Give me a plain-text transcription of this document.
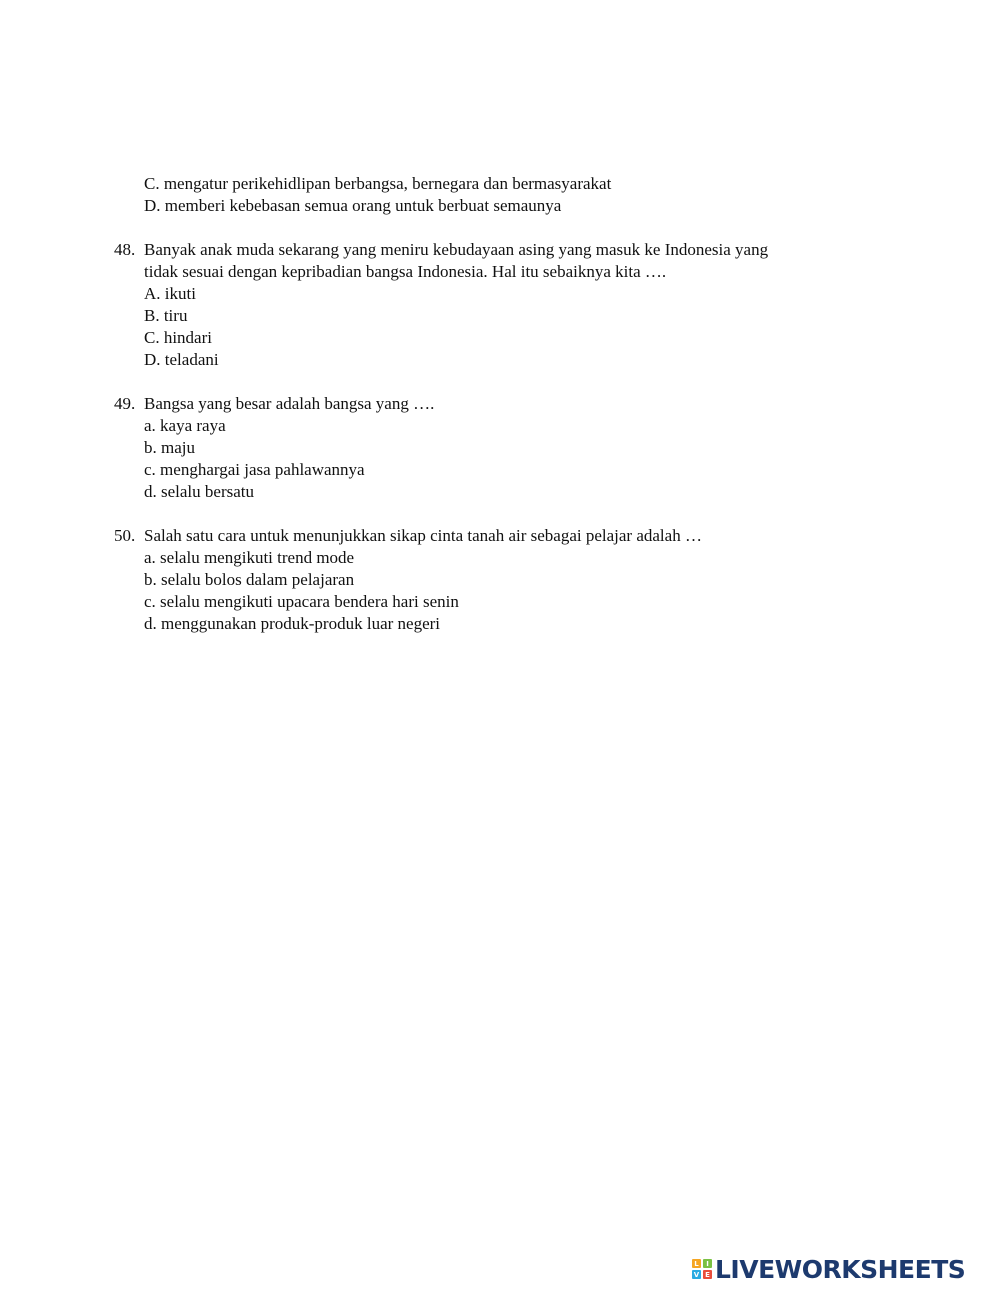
C. mengatur perikehidlipan berbangsa, bernegara dan bermasyarakat
D. memberi kebebasan semua orang untuk berbuat semaunya
48. Banyak anak muda sekarang yang meniru kebudayaan asing yang masuk ke Indonesia yang
tidak sesuai dengan kepribadian bangsa Indonesia. Hal itu sebaiknya kita ….
A. ikuti
B. tiru
C. hindari
D. teladani
49. Bangsa yang besar adalah bangsa yang ….
a. kaya raya
b. maju
c. menghargai jasa pahlawannya
d. selalu bersatu
50. Salah satu cara untuk menunjukkan sikap cinta tanah air sebagai pelajar adalah …
a. selalu mengikuti trend mode
b. selalu bolos dalam pelajaran
c. selalu mengikuti upacara bendera hari senin
d. menggunakan produk-produk luar negeri
L	I
V E LIVEWORKSHEETS
